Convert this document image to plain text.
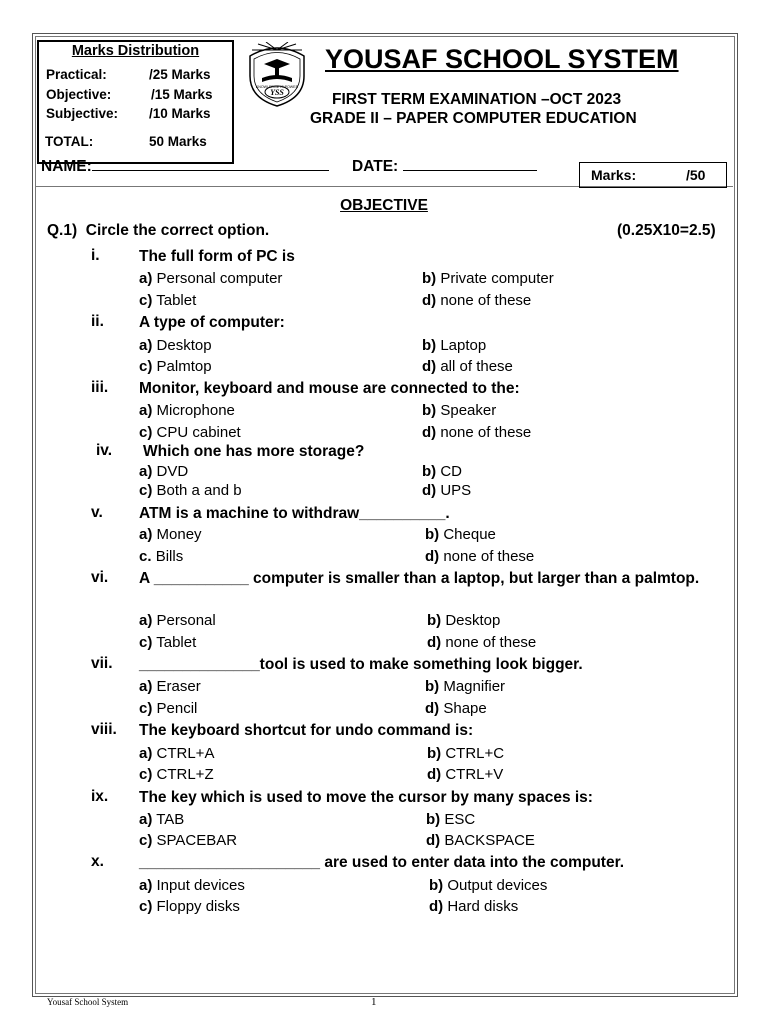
Marks Distribution
Practical:	/25 Marks
Objective:	/15 Marks
Subjective: /10 Marks
TOTAL:	50 Marks
YSS
KNOWLEDGE IS POWER
YOUSAF SCHOOL SYSTEM
FIRST TERM EXAMINATION –OCT 2023
GRADE II – PAPER COMPUTER EDUCATION
NAME:	DATE:	Marks:	/50
OBJECTIVE
Q.1) Circle the correct option.	(0.25X10=2.5)
i.	The full form of PC is
a) Personal computer	b) Private computer
c) Tablet	d) none of these
ii. A type of computer:
a) Desktop	b) Laptop
c) Palmtop	d) all of these
iii. Monitor, keyboard and mouse are connected to the:
a) Microphone	b) Speaker
c) CPU cabinet	d) none of these
iv. Which one has more storage?
a) DVD	b) CD
c) Both a and b	d) UPS
v. ATM is a machine to withdraw__________.
a) Money	b) Cheque
c. Bills	d) none of these
vi. A ___________ computer is smaller than a laptop, but larger than a palmtop.
a) Personal	b) Desktop
c) Tablet	d) none of these
vii. ______________tool is used to make something look bigger.
a) Eraser	b) Magnifier
c) Pencil	d) Shape
viii. The keyboard shortcut for undo command is:
a) CTRL+A	b) CTRL+C
c) CTRL+Z	d) CTRL+V
ix. The key which is used to move the cursor by many spaces is:
a) TAB	b) ESC
c) SPACEBAR	d) BACKSPACE
x. _____________________ are used to enter data into the computer.
a) Input devices	b) Output devices
c) Floppy disks	d) Hard disks
Yousaf School System	1
